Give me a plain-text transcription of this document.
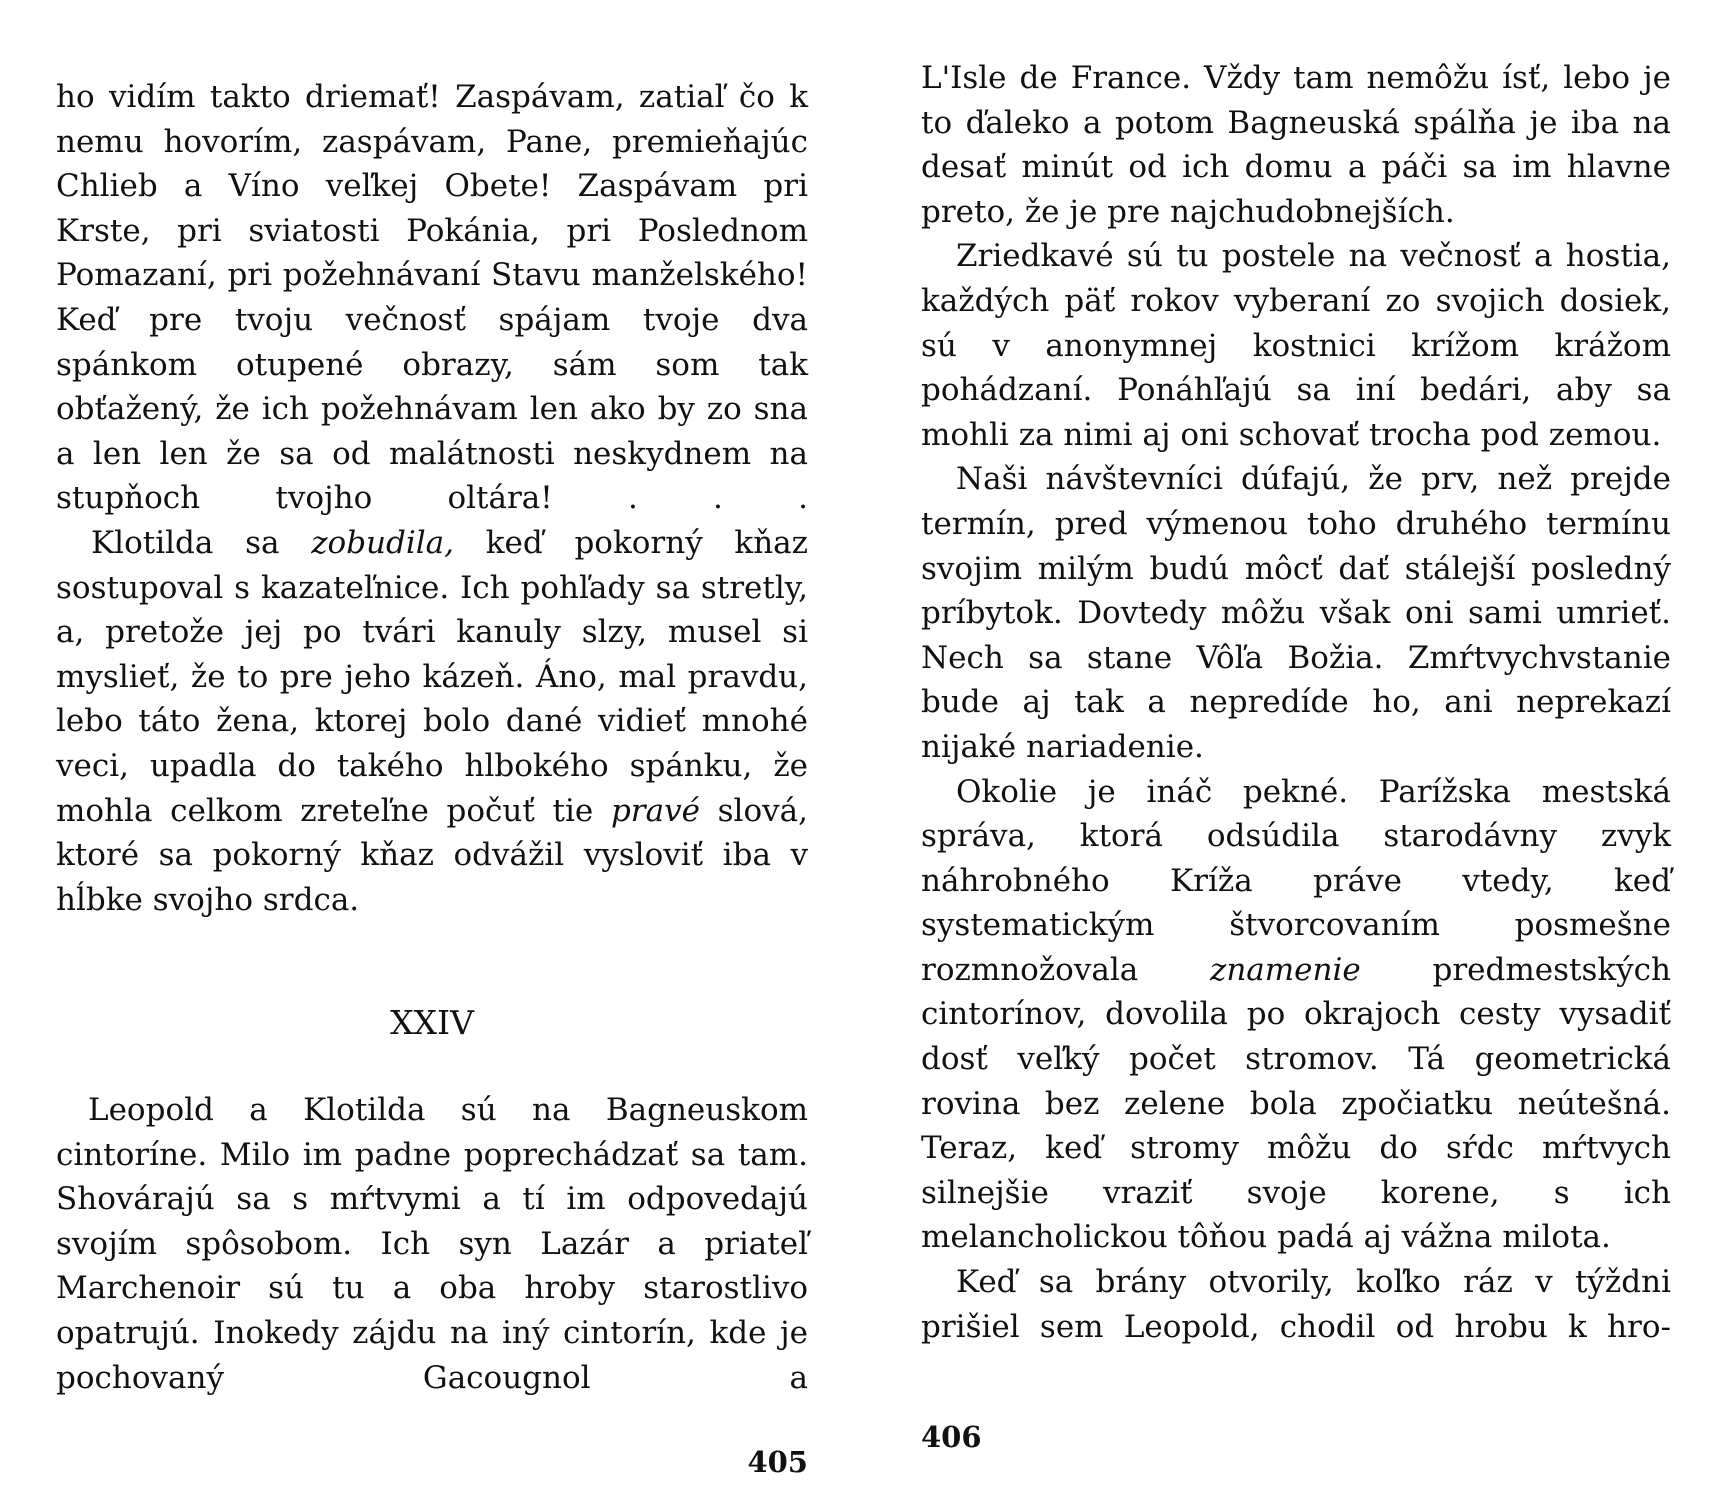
ho vidím takto driemať! Zaspávam, zatiaľ čo k nemu hovorím, zaspávam, Pane, premieňajúc Chlieb a Víno veľkej Obete! Zaspávam pri Krste, pri sviatosti Pokánia, pri Poslednom Pomazaní, pri požehnávaní Stavu manželského! Keď pre tvoju večnosť spájam tvoje dva spánkom otupené obrazy, sám som tak obťažený, že ich požehnávam len ako by zo sna a len len že sa od malátnosti neskydnem na stupňoch tvojho oltára! . . .

Klotilda sa zobudila, keď pokorný kňaz sostupoval s kazateľnice. Ich pohľady sa stretly, a, pretože jej po tvári kanuly slzy, musel si myslieť, že to pre jeho kázeň. Áno, mal pravdu, lebo táto žena, ktorej bolo dané vidieť mnohé veci, upadla do takého hlbokého spánku, že mohla celkom zreteľne počuť tie pravé slová, ktoré sa pokorný kňaz odvážil vysloviť iba v hĺbke svojho srdca.

XXIV

Leopold a Klotilda sú na Bagneuskom cintoríne. Milo im padne poprechádzať sa tam. Shovárajú sa s mŕtvymi a tí im odpovedajú svojím spôsobom. Ich syn Lazár a priateľ Marchenoir sú tu a oba hroby starostlivo opatrujú. Inokedy zájdu na iný cintorín, kde je pochovaný Gacougnol a

405

L'Isle de France. Vždy tam nemôžu ísť, lebo je to ďaleko a potom Bagneuská spálňa je iba na desať minút od ich domu a páči sa im hlavne preto, že je pre najchudobnejších.

Zriedkavé sú tu postele na večnosť a hostia, každých päť rokov vyberaní zo svojich dosiek, sú v anonymnej kostnici krížom krážom pohádzaní. Ponáhľajú sa iní bedári, aby sa mohli za nimi aj oni schovať trocha pod zemou.

Naši návštevníci dúfajú, že prv, než prejde termín, pred výmenou toho druhého termínu svojim milým budú môcť dať stálejší posledný príbytok. Dovtedy môžu však oni sami umrieť. Nech sa stane Vôľa Božia. Zmŕtvychvstanie bude aj tak a nepredíde ho, ani neprekazí nijaké nariadenie.

Okolie je ináč pekné. Parížska mestská správa, ktorá odsúdila starodávny zvyk náhrobného Kríža práve vtedy, keď systematickým štvorcovaním posmešne rozmnožovala znamenie predmestských cintorínov, dovolila po okrajoch cesty vysadiť dosť veľký počet stromov. Tá geometrická rovina bez zelene bola zpočiatku neútešná. Teraz, keď stromy môžu do sŕdc mŕtvych silnejšie vraziť svoje korene, s ich melancholickou tôňou padá aj vážna milota.

Keď sa brány otvorily, koľko ráz v týždni prišiel sem Leopold, chodil od hrobu k hro-

406
